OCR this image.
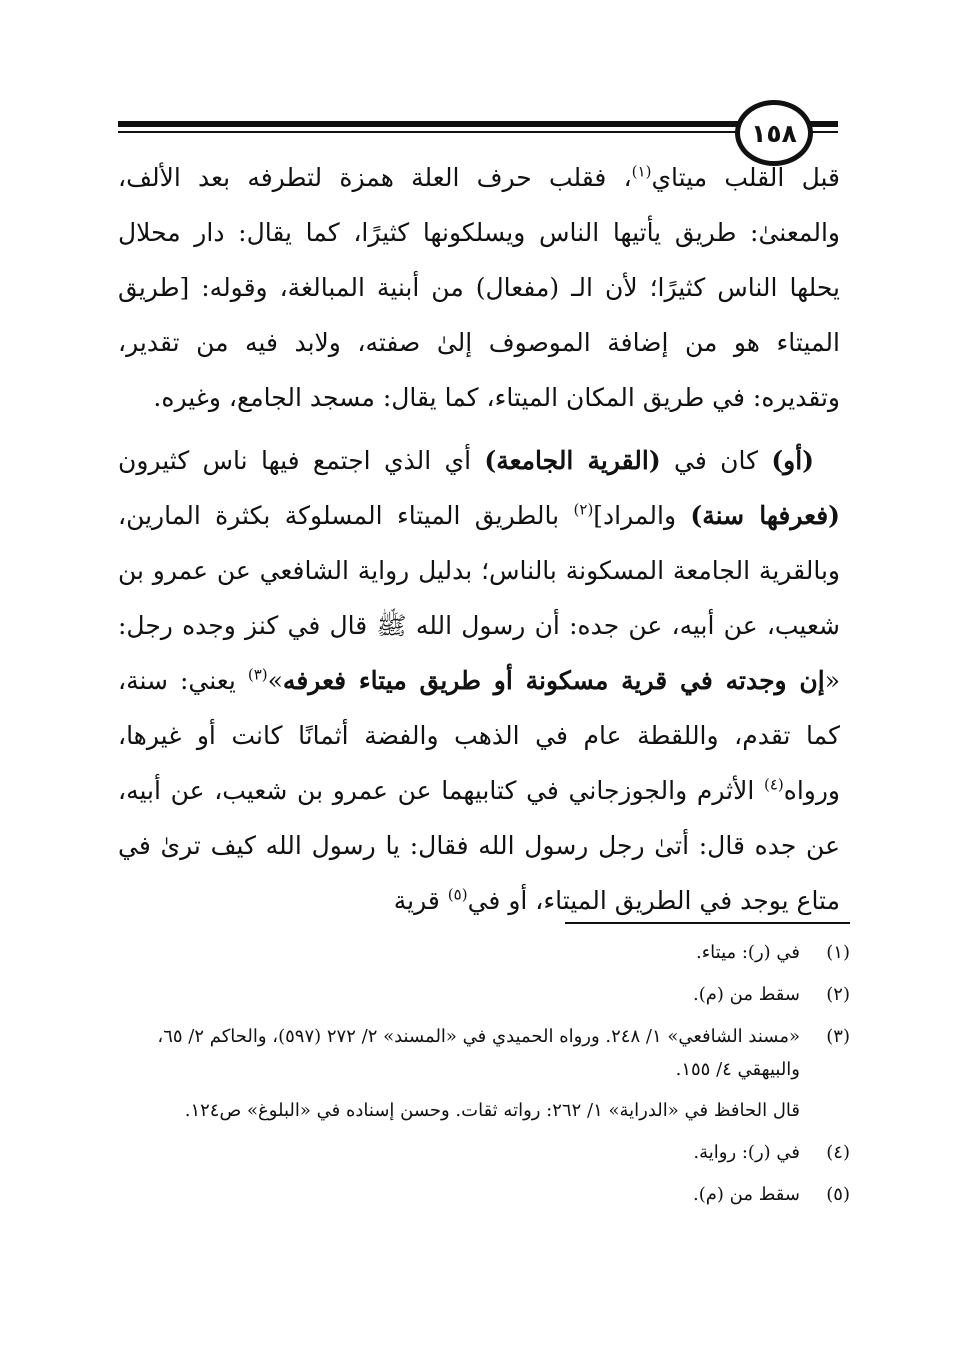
١٥٨

قبل القلب ميتاي$^{(١)}$، فقلب حرف العلة همزة لتطرفه بعد الألف، والمعنىٰ: طريق يأتيها الناس ويسلكونها كثيرًا، كما يقال: دار محلال يحلها الناس كثيرًا؛ لأن الـ (مفعال) من أبنية المبالغة، وقوله: [طريق الميتاء هو من إضافة الموصوف إلىٰ صفته، ولابد فيه من تقدير، وتقديره: في طريق المكان الميتاء، كما يقال: مسجد الجامع، وغيره.

(أو) كان في (القرية الجامعة) أي الذي اجتمع فيها ناس كثيرون (فعرفها سنة) والمراد]$^{(٢)}$ بالطريق الميتاء المسلوكة بكثرة المارين، وبالقرية الجامعة المسكونة بالناس؛ بدليل رواية الشافعي عن عمرو بن شعيب، عن أبيه، عن جده: أن رسول الله ﷺ قال في كنز وجده رجل: «إن وجدته في قرية مسكونة أو طريق ميتاء فعرفه»$^{(٣)}$ يعني: سنة، كما تقدم، واللقطة عام في الذهب والفضة أثمانًا كانت أو غيرها، ورواه$^{(٤)}$ الأثرم والجوزجاني في كتابيهما عن عمرو بن شعيب، عن أبيه، عن جده قال: أتىٰ رجل رسول الله فقال: يا رسول الله كيف ترىٰ في متاع يوجد في الطريق الميتاء، أو في$^{(٥)}$ قرية

(١)
في (ر): ميتاء.
(٢)
سقط من (م).
(٣)
«مسند الشافعي» ١/ ٢٤٨. ورواه الحميدي في «المسند» ٢/ ٢٧٢ (٥٩٧)، والحاكم ٢/ ٦٥، والبيهقي ٤/ ١٥٥.
قال الحافظ في «الدراية» ١/ ٢٦٢: رواته ثقات. وحسن إسناده في «البلوغ» ص١٢٤.
(٤)
في (ر): رواية.
(٥)
سقط من (م).
